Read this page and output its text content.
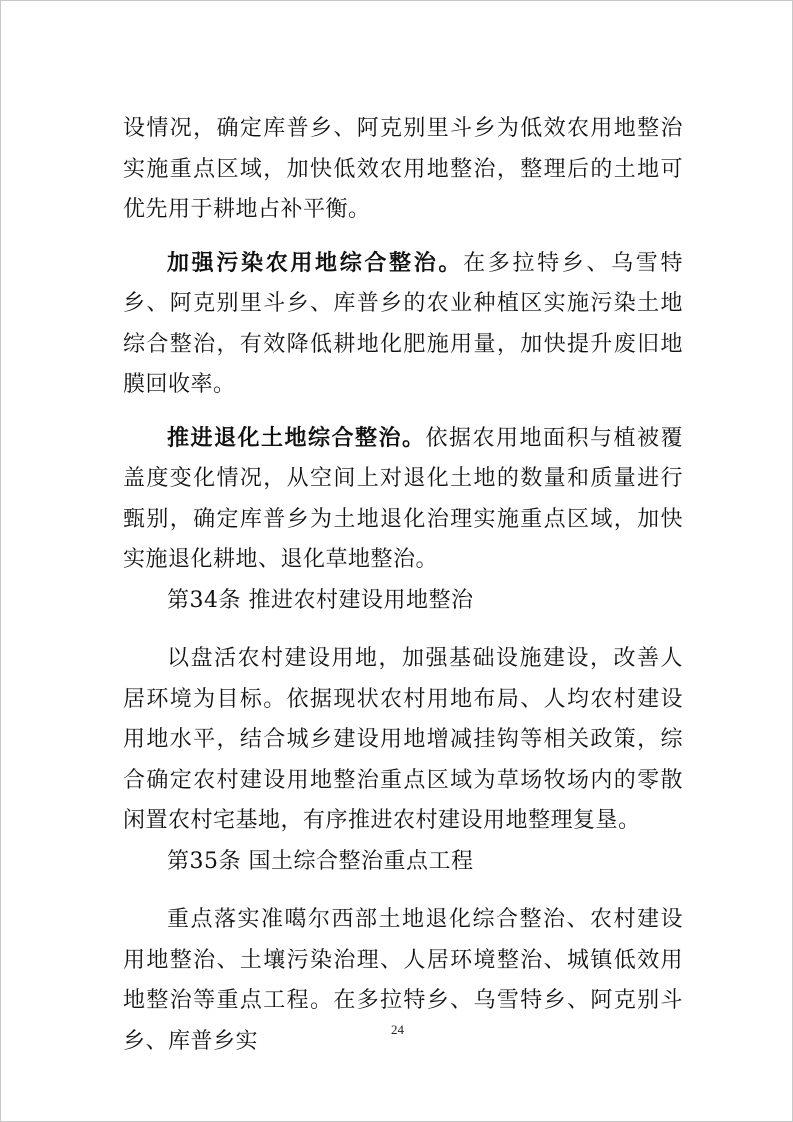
设情况，确定库普乡、阿克别里斗乡为低效农用地整治实施重点区域，加快低效农用地整治，整理后的土地可优先用于耕地占补平衡。

加强污染农用地综合整治。在多拉特乡、乌雪特乡、阿克别里斗乡、库普乡的农业种植区实施污染土地综合整治，有效降低耕地化肥施用量，加快提升废旧地膜回收率。

推进退化土地综合整治。依据农用地面积与植被覆盖度变化情况，从空间上对退化土地的数量和质量进行甄别，确定库普乡为土地退化治理实施重点区域，加快实施退化耕地、退化草地整治。

第34条 推进农村建设用地整治

以盘活农村建设用地，加强基础设施建设，改善人居环境为目标。依据现状农村用地布局、人均农村建设用地水平，结合城乡建设用地增减挂钩等相关政策，综合确定农村建设用地整治重点区域为草场牧场内的零散闲置农村宅基地，有序推进农村建设用地整理复垦。

第35条 国土综合整治重点工程

重点落实准噶尔西部土地退化综合整治、农村建设用地整治、土壤污染治理、人居环境整治、城镇低效用地整治等重点工程。在多拉特乡、乌雪特乡、阿克别斗乡、库普乡实	24
